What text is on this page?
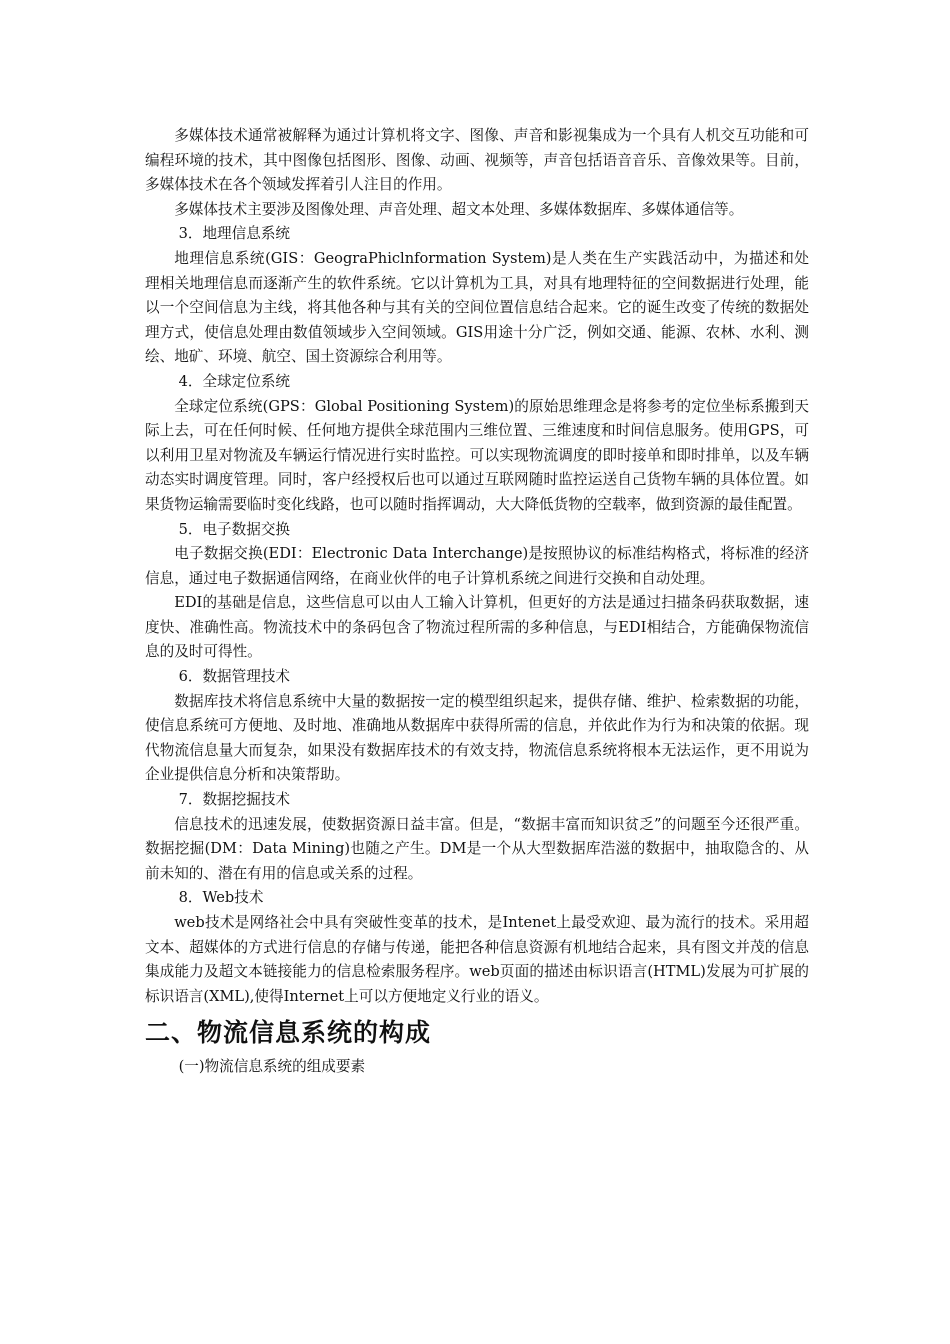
多媒体技术通常被解释为通过计算机将文字、图像、声音和影视集成为一个具有人机交互功能和可编程环境的技术，其中图像包括图形、图像、动画、视频等，声音包括语音音乐、音像效果等。目前，多媒体技术在各个领域发挥着引人注目的作用。

多媒体技术主要涉及图像处理、声音处理、超文本处理、多媒体数据库、多媒体通信等。

3．地理信息系统

地理信息系统(GIS：GeograPhiclnformation System)是人类在生产实践活动中，为描述和处理相关地理信息而逐渐产生的软件系统。它以计算机为工具，对具有地理特征的空间数据进行处理，能以一个空间信息为主线，将其他各种与其有关的空间位置信息结合起来。它的诞生改变了传统的数据处理方式，使信息处理由数值领域步入空间领域。GIS用途十分广泛，例如交通、能源、农林、水利、测绘、地矿、环境、航空、国土资源综合利用等。

4．全球定位系统

全球定位系统(GPS：Global Positioning System)的原始思维理念是将参考的定位坐标系搬到天际上去，可在任何时候、任何地方提供全球范围内三维位置、三维速度和时间信息服务。使用GPS，可以利用卫星对物流及车辆运行情况进行实时监控。可以实现物流调度的即时接单和即时排单，以及车辆动态实时调度管理。同时，客户经授权后也可以通过互联网随时监控运送自己货物车辆的具体位置。如果货物运输需要临时变化线路，也可以随时指挥调动，大大降低货物的空载率，做到资源的最佳配置。

5．电子数据交换

电子数据交换(EDI：Electronic Data Interchange)是按照协议的标准结构格式，将标准的经济信息，通过电子数据通信网络，在商业伙伴的电子计算机系统之间进行交换和自动处理。

EDI的基础是信息，这些信息可以由人工输入计算机，但更好的方法是通过扫描条码获取数据，速度快、准确性高。物流技术中的条码包含了物流过程所需的多种信息，与EDI相结合，方能确保物流信息的及时可得性。

6．数据管理技术

数据库技术将信息系统中大量的数据按一定的模型组织起来，提供存储、维护、检索数据的功能，使信息系统可方便地、及时地、准确地从数据库中获得所需的信息，并依此作为行为和决策的依据。现代物流信息量大而复杂，如果没有数据库技术的有效支持，物流信息系统将根本无法运作，更不用说为企业提供信息分析和决策帮助。

7．数据挖掘技术

信息技术的迅速发展，使数据资源日益丰富。但是，“数据丰富而知识贫乏”的问题至今还很严重。数据挖掘(DM：Data Mining)也随之产生。DM是一个从大型数据库浩滋的数据中，抽取隐含的、从前未知的、潜在有用的信息或关系的过程。

8．Web技术

web技术是网络社会中具有突破性变革的技术，是Intenet上最受欢迎、最为流行的技术。采用超文本、超媒体的方式进行信息的存储与传递，能把各种信息资源有机地结合起来，具有图文并茂的信息集成能力及超文本链接能力的信息检索服务程序。web页面的描述由标识语言(HTML)发展为可扩展的标识语言(XML),使得Internet上可以方便地定义行业的语义。

二、物流信息系统的构成

(一)物流信息系统的组成要素
